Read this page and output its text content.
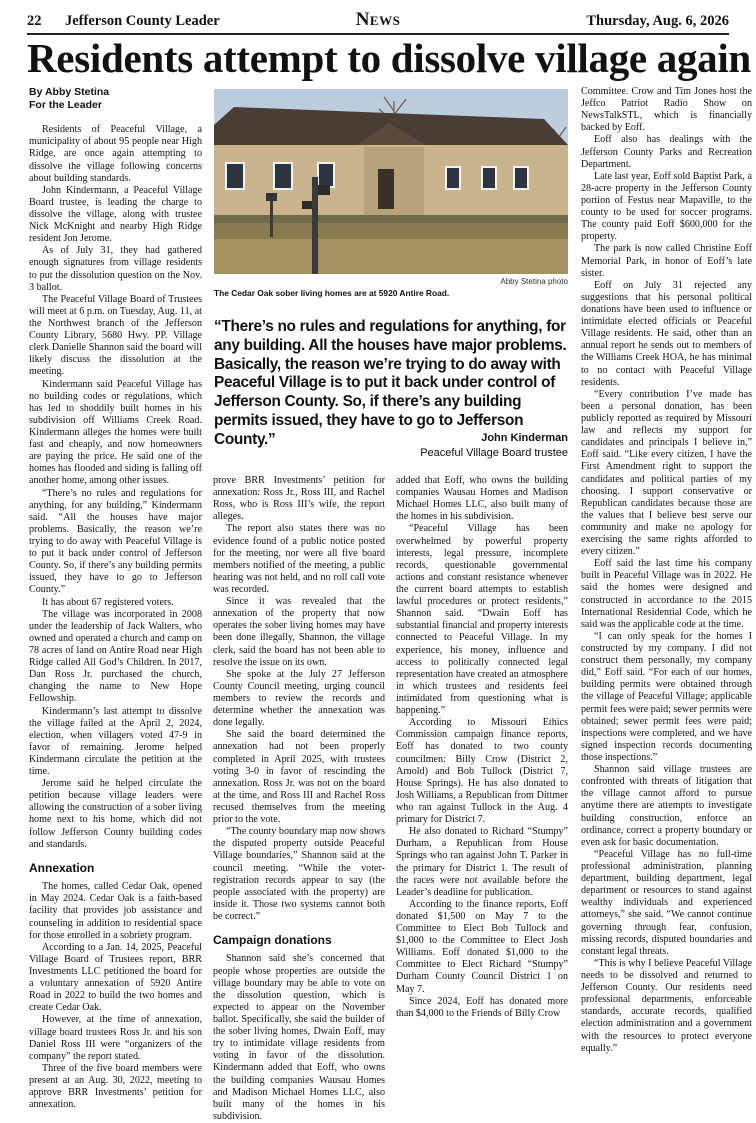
22 Jefferson County Leader	News	Thursday, Aug. 6, 2026
Residents attempt to dissolve village again
By Abby Stetina
For the Leader

Residents of Peaceful Village, a municipality of about 95 people near High Ridge, are once again attempting to dissolve the village following concerns about building standards.

John Kindermann, a Peaceful Village Board trustee, is leading the charge to dissolve the village, along with trustee Nick McKnight and nearby High Ridge resident Jon Jerome.

As of July 31, they had gathered enough signatures from village residents to put the dissolution question on the Nov. 3 ballot.

The Peaceful Village Board of Trustees will meet at 6 p.m. on Tuesday, Aug. 11, at the Northwest branch of the Jefferson County Library, 5680 Hwy. PP. Village clerk Danielle Shannon said the board will likely discuss the dissolution at the meeting.

Kindermann said Peaceful Village has no building codes or regulations, which has led to shoddily built homes in his subdivision off Williams Creek Road. Kindermann alleges the homes were built fast and cheaply, and now homeowners are paying the price. He said one of the homes has flooded and siding is falling off another home, among other issues.

“There’s no rules and regulations for anything, for any building,” Kindermann said. “All the houses have major problems. Basically, the reason we’re trying to do away with Peaceful Village is to put it back under control of Jefferson County. So, if there’s any building permits issued, they have to go to Jefferson County.”

It has about 67 registered voters.

The village was incorporated in 2008 under the leadership of Jack Walters, who owned and operated a church and camp on 78 acres of land on Antire Road near High Ridge called All God’s Children. In 2017, Dan Ross Jr. purchased the church, changing the name to New Hope Fellowship.

Kindermann’s last attempt to dissolve the village failed at the April 2, 2024, election, when villagers voted 47-9 in favor of remaining. Jerome helped Kindermann circulate the petition at the time.

Jerome said he helped circulate the petition because village leaders were allowing the construction of a sober living home next to his home, which did not follow Jefferson County building codes and standards.

Annexation

The homes, called Cedar Oak, opened in May 2024. Cedar Oak is a faith-based facility that provides job assistance and counseling in addition to residential space for those enrolled in a sobriety program.

According to a Jan. 14, 2025, Peaceful Village Board of Trustees report, BRR Investments LLC petitioned the board for a voluntary annexation of 5920 Antire Road in 2022 to build the two homes and create Cedar Oak.

However, at the time of annexation, village board trustees Ross Jr. and his son Daniel Ross III were “organizers of the company” the report stated.

Three of the five board members were present at an Aug. 30, 2022, meeting to approve BRR Investments’ petition for annexation.

Abby Stetina photo
The Cedar Oak sober living homes are at 5920 Antire Road.
“There’s no rules and regulations for anything, for any building. All the houses have major problems. Basically, the reason we’re trying to do away with Peaceful Village is to put it back under control of Jefferson County. So, if there’s any building permits issued, they have to go to Jefferson County.”	John Kinderman
Peaceful Village Board trustee

prove BRR Investments’ petition for annexation: Ross Jr., Ross III, and Rachel Ross, who is Ross III’s wife, the report alleges.

The report also states there was no evidence found of a public notice posted for the meeting, nor were all five board members notified of the meeting, a public hearing was not held, and no roll call vote was recorded.

Since it was revealed that the annexation of the property that now operates the sober living homes may have been done illegally, Shannon, the village clerk, said the board has not been able to resolve the issue on its own.

She spoke at the July 27 Jefferson County Council meeting, urging council members to review the records and determine whether the annexation was done legally.

She said the board determined the annexation had not been properly completed in April 2025, with trustees voting 3-0 in favor of rescinding the annexation. Ross Jr. was not on the board at the time, and Ross III and Rachel Ross recused themselves from the meeting prior to the vote.

“The county boundary map now shows the disputed property outside Peaceful Village boundaries,” Shannon said at the council meeting. “While the voter-registration records appear to say (the people associated with the property) are inside it. Those two systems cannot both be correct.”

Campaign donations

Shannon said she’s concerned that people whose properties are outside the village boundary may be able to vote on the dissolution question, which is expected to appear on the November ballot. Specifically, she said the builder of the sober living homes, Dwain Eoff, may try to intimidate village residents from voting in favor of the dissolution. Kindermann added that Eoff, who owns the building companies Wausau Homes and Madison Michael Homes LLC, also built many of the homes in his subdivision.

added that Eoff, who owns the building companies Wausau Homes and Madison Michael Homes LLC, also built many of the homes in his subdivision.

“Peaceful Village has been overwhelmed by powerful property interests, legal pressure, incomplete records, questionable governmental actions and constant resistance whenever the current board attempts to establish lawful procedures or protect residents,” Shannon said. “Dwain Eoff has substantial financial and property interests connected to Peaceful Village. In my experience, his money, influence and access to politically connected legal representation have created an atmosphere in which trustees and residents feel intimidated from questioning what is happening.”

According to Missouri Ethics Commission campaign finance reports, Eoff has donated to two county councilmen: Billy Crow (District 2, Arnold) and Bob Tullock (District 7, House Springs). He has also donated to Josh Williams, a Republican from Dittmer who ran against Tullock in the Aug. 4 primary for District 7.

He also donated to Richard “Stumpy” Durham, a Republican from House Springs who ran against John T. Parker in the primary for District 1. The result of the races were not available before the Leader’s deadline for publication.

According to the finance reports, Eoff donated $1,500 on May 7 to the Committee to Elect Bob Tullock and $1,000 to the Committee to Elect Josh Williams. Eoff donated $1,000 to the Committee to Elect Richard “Stumpy” Durham County Council District 1 on May 7.

Since 2024, Eoff has donated more than $4,000 to the Friends of Billy Crow

Committee. Crow and Tim Jones host the Jeffco Patriot Radio Show on NewsTalkSTL, which is financially backed by Eoff.

Eoff also has dealings with the Jefferson County Parks and Recreation Department.

Late last year, Eoff sold Baptist Park, a 28-acre property in the Jefferson County portion of Festus near Mapaville, to the county to be used for soccer programs. The county paid Eoff $600,000 for the property.

The park is now called Christine Eoff Memorial Park, in honor of Eoff’s late sister.

Eoff on July 31 rejected any suggestions that his personal political donations have been used to influence or intimidate elected officials or Peaceful Village residents. He said, other than an annual report he sends out to members of the Williams Creek HOA, he has minimal to no contact with Peaceful Village residents.

“Every contribution I’ve made has been a personal donation, has been publicly reported as required by Missouri law and reflects my support for candidates and principals I believe in,” Eoff said. “Like every citizen, I have the First Amendment right to support the candidates and political parties of my choosing. I support conservative or Republican candidates because those are the values that I believe best serve our community and make no apology for exercising the same rights afforded to every citizen.”

Eoff said the last time his company built in Peaceful Village was in 2022. He said the homes were designed and constructed in accordance to the 2015 International Residential Code, which he said was the applicable code at the time.

“I can only speak for the homes I constructed by my company. I did not construct them personally, my company did,” Eoff said. “For each of our homes, building permits were obtained through the village of Peaceful Village; applicable permit fees were paid; sewer permits were obtained; sewer permit fees were paid; inspections were completed, and we have signed inspection records documenting those inspections.”

Shannon said village trustees are confronted with threats of litigation that the village cannot afford to pursue anytime there are attempts to investigate building construction, enforce an ordinance, correct a property boundary or even ask for basic documentation.

“Peaceful Village has no full-time professional administration, planning department, building department, legal department or resources to stand against wealthy individuals and experienced attorneys,” she said. “We cannot continue governing through fear, confusion, missing records, disputed boundaries and constant legal threats.

“This is why I believe Peaceful Village needs to be dissolved and returned to Jefferson County. Our residents need professional departments, enforceable standards, accurate records, qualified election administration and a government with the resources to protect everyone equally.”
